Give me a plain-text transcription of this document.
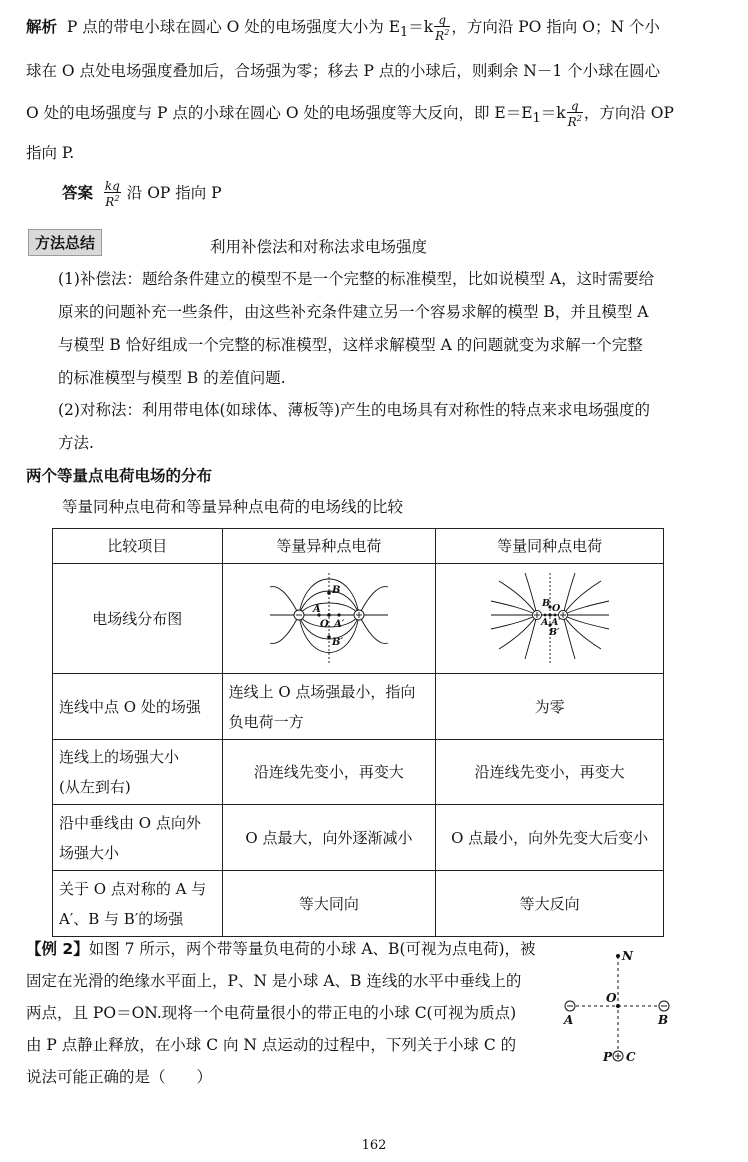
解析 P 点的带电小球在圆心 O 处的电场强度大小为 $E_1=k \frac{q}{R^2}$ ，方向沿 PO 指向 O；N 个小
球在 O 点处电场强度叠加后，合场强为零；移去 P 点的小球后，则剩余 N－1 个小球在圆心
O 处的电场强度与 P 点的小球在圆心 O 处的电场强度等大反向，即 $E=E_1=k \frac{q}{R^2}$ ，方向沿 OP
指向 P.
答案 $\frac{kq}{R^2}$ 沿 OP 指向 P
方法总结	利用补偿法和对称法求电场强度
(1)补偿法：题给条件建立的模型不是一个完整的标准模型，比如说模型 A，这时需要给
原来的问题补充一些条件，由这些补充条件建立另一个容易求解的模型 B，并且模型 A
与模型 B 恰好组成一个完整的标准模型，这样求解模型 A 的问题就变为求解一个完整
的标准模型与模型 B 的差值问题.
(2)对称法：利用带电体(如球体、薄板等)产生的电场具有对称性的特点来求电场强度的
方法.
两个等量点电荷电场的分布
等量同种点电荷和等量异种点电荷的电场线的比较
比较项目	等量异种点电荷	等量同种点电荷
电场线分布图	B
A
O A′
B′	B O
A A′
B′

连线中点 O 处的场强	连线上 O 点场强最小，指向
负电荷一方	为零
连线上的场强大小
(从左到右)	沿连线先变小，再变大	沿连线先变小，再变大
沿中垂线由 O 点向外
场强大小	O 点最大，向外逐渐减小	O 点最小，向外先变大后变小
关于 O 点对称的 A 与
A′、B 与 B′的场强	等大同向	等大反向
【例 2】如图 7 所示，两个带等量负电荷的小球 A、B(可视为点电荷)，被
固定在光滑的绝缘水平面上，P、N 是小球 A、B 连线的水平中垂线上的
两点，且 PO＝ON.现将一个电荷量很小的带正电的小球 C(可视为质点)
由 P 点静止释放，在小球 C 向 N 点运动的过程中，下列关于小球 C 的
说法可能正确的是（　　）
N
O
A	B
P C
162
